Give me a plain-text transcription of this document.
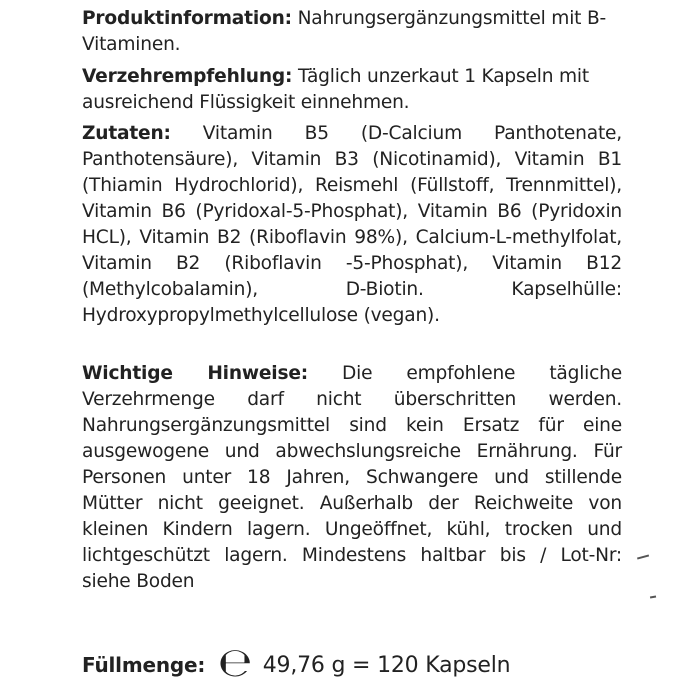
Produktinformation: Nahrungsergänzungsmittel mit B-Vitaminen.
Verzehrempfehlung: Täglich unzerkaut 1 Kapseln mit ausreichend Flüssigkeit einnehmen.
Zutaten: Vitamin B5 (D-Calcium Panthotenate, Panthotensäure), Vitamin B3 (Nicotinamid), Vitamin B1 (Thiamin Hydrochlorid), Reismehl (Füllstoff, Trennmittel), Vitamin B6 (Pyridoxal-5-Phosphat), Vitamin B6 (Pyridoxin HCL), Vitamin B2 (Riboflavin 98%), Calcium-L-methylfolat, Vitamin B2 (Riboflavin -5-Phosphat), Vitamin B12 (Methylcobalamin), D-Biotin. Kapselhülle: Hydroxypropylmethylcellulose (vegan).
Wichtige Hinweise: Die empfohlene tägliche Verzehrmenge darf nicht überschritten werden. Nahrungsergänzungsmittel sind kein Ersatz für eine ausgewogene und abwechslungsreiche Ernährung. Für Personen unter 18 Jahren, Schwangere und stillende Mütter nicht geeignet. Außerhalb der Reichweite von kleinen Kindern lagern. Ungeöffnet, kühl, trocken und lichtgeschützt lagern. Mindestens haltbar bis / Lot-Nr: siehe Boden
Füllmenge: ℮ 49,76 g = 120 Kapseln
